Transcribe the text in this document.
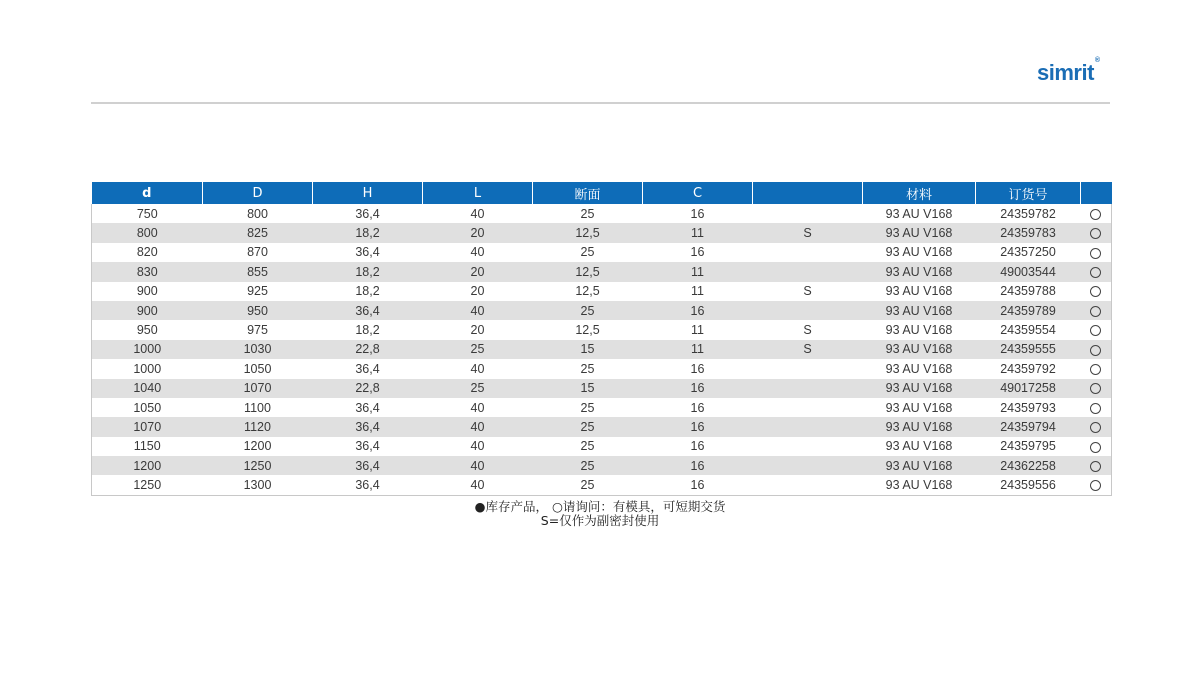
simrit®
d	D	H	L	断面	C		材料	订货号	
750	800	36,4	40	25	16		93 AU V168	24359782	
800	825	18,2	20	12,5	11	S	93 AU V168	24359783	
820	870	36,4	40	25	16		93 AU V168	24357250	
830	855	18,2	20	12,5	11		93 AU V168	49003544	
900	925	18,2	20	12,5	11	S	93 AU V168	24359788	
900	950	36,4	40	25	16		93 AU V168	24359789	
950	975	18,2	20	12,5	11	S	93 AU V168	24359554	
1000	1030	22,8	25	15	11	S	93 AU V168	24359555	
1000	1050	36,4	40	25	16		93 AU V168	24359792	
1040	1070	22,8	25	15	16		93 AU V168	49017258	
1050	1100	36,4	40	25	16		93 AU V168	24359793	
1070	1120	36,4	40	25	16		93 AU V168	24359794	
1150	1200	36,4	40	25	16		93 AU V168	24359795	
1200	1250	36,4	40	25	16		93 AU V168	24362258	
1250	1300	36,4	40	25	16		93 AU V168	24359556	
●库存产品， ○请询问：有模具，可短期交货
S=仅作为副密封使用
